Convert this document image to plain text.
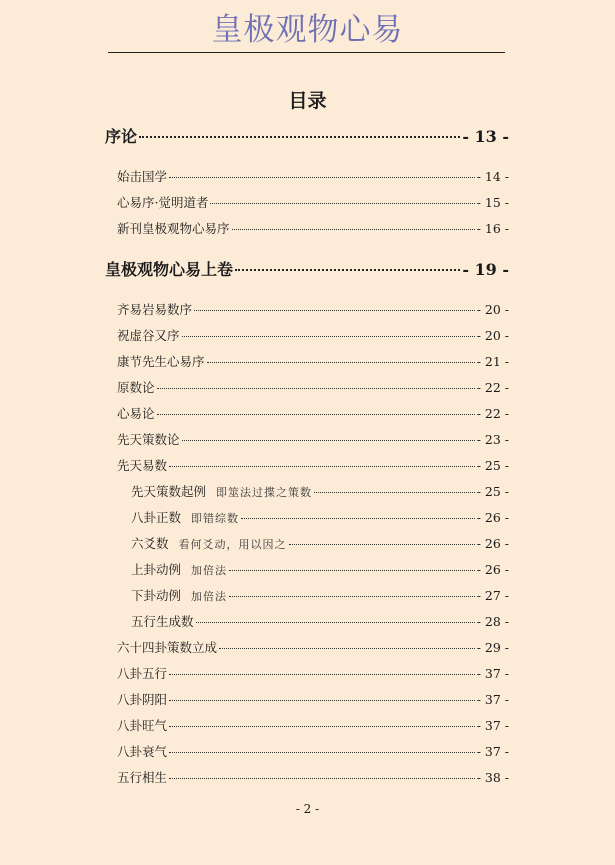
皇极观物心易
目录
序论	- 13 -
始击国学	- 14 -
心易序·觉明道者	- 15 -
新刊皇极观物心易序	- 16 -
皇极观物心易上卷	- 19 -
齐易岩易数序	- 20 -
祝虚谷又序	- 20 -
康节先生心易序	- 21 -
原数论	- 22 -
心易论	- 22 -
先天策数论	- 23 -
先天易数	- 25 -
先天策数起例 即筮法过揲之策数	- 25 -
八卦正数 即错综数	- 26 -
六爻数 看何爻动，用以因之	- 26 -
上卦动例 加倍法	- 26 -
下卦动例 加倍法	- 27 -
五行生成数	- 28 -
六十四卦策数立成	- 29 -
八卦五行	- 37 -
八卦阴阳	- 37 -
八卦旺气	- 37 -
八卦衰气	- 37 -
五行相生	- 38 -
- 2 -
